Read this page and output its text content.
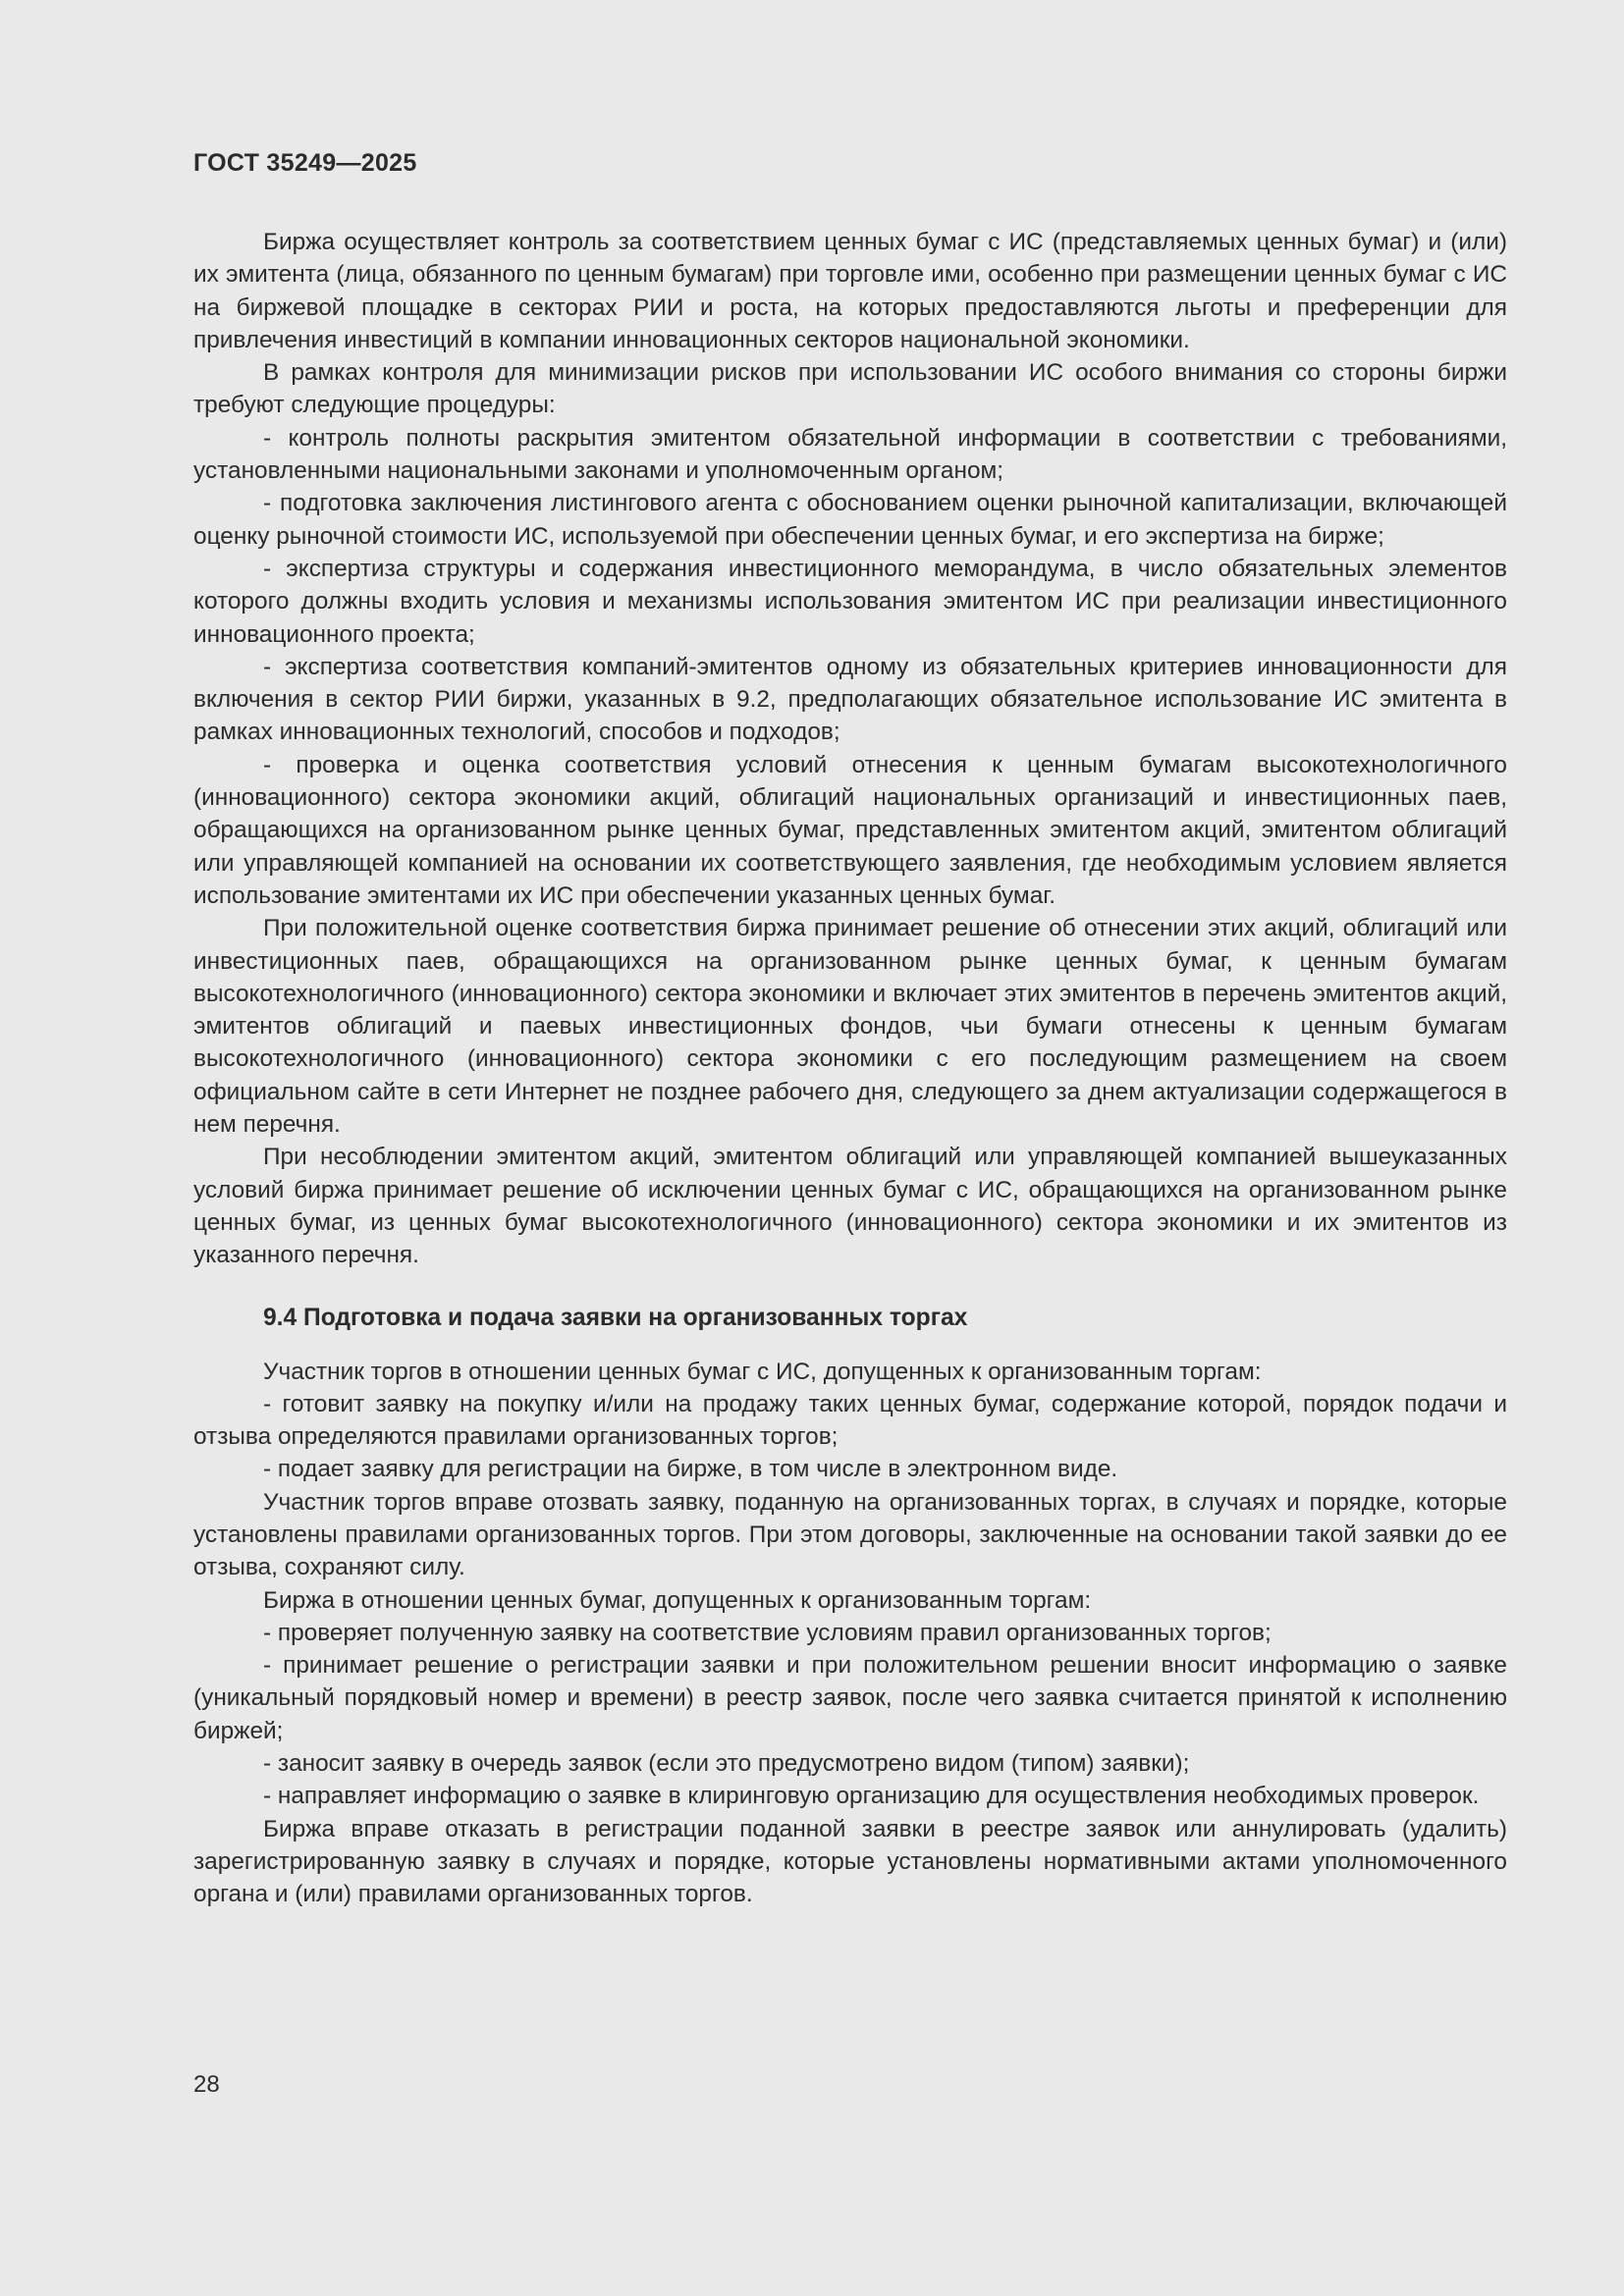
ГОСТ 35249—2025

Биржа осуществляет контроль за соответствием ценных бумаг с ИС (представляемых ценных бумаг) и (или) их эмитента (лица, обязанного по ценным бумагам) при торговле ими, особенно при размещении ценных бумаг с ИС на биржевой площадке в секторах РИИ и роста, на которых предоставляются льготы и преференции для привлечения инвестиций в компании инновационных секторов национальной экономики.

В рамках контроля для минимизации рисков при использовании ИС особого внимания со стороны биржи требуют следующие процедуры:

- контроль полноты раскрытия эмитентом обязательной информации в соответствии с требованиями, установленными национальными законами и уполномоченным органом;

- подготовка заключения листингового агента с обоснованием оценки рыночной капитализации, включающей оценку рыночной стоимости ИС, используемой при обеспечении ценных бумаг, и его экспертиза на бирже;

- экспертиза структуры и содержания инвестиционного меморандума, в число обязательных элементов которого должны входить условия и механизмы использования эмитентом ИС при реализации инвестиционного инновационного проекта;

- экспертиза соответствия компаний-эмитентов одному из обязательных критериев инновационности для включения в сектор РИИ биржи, указанных в 9.2, предполагающих обязательное использование ИС эмитента в рамках инновационных технологий, способов и подходов;

- проверка и оценка соответствия условий отнесения к ценным бумагам высокотехнологичного (инновационного) сектора экономики акций, облигаций национальных организаций и инвестиционных паев, обращающихся на организованном рынке ценных бумаг, представленных эмитентом акций, эмитентом облигаций или управляющей компанией на основании их соответствующего заявления, где необходимым условием является использование эмитентами их ИС при обеспечении указанных ценных бумаг.

При положительной оценке соответствия биржа принимает решение об отнесении этих акций, облигаций или инвестиционных паев, обращающихся на организованном рынке ценных бумаг, к ценным бумагам высокотехнологичного (инновационного) сектора экономики и включает этих эмитентов в перечень эмитентов акций, эмитентов облигаций и паевых инвестиционных фондов, чьи бумаги отнесены к ценным бумагам высокотехнологичного (инновационного) сектора экономики с его последующим размещением на своем официальном сайте в сети Интернет не позднее рабочего дня, следующего за днем актуализации содержащегося в нем перечня.

При несоблюдении эмитентом акций, эмитентом облигаций или управляющей компанией вышеуказанных условий биржа принимает решение об исключении ценных бумаг с ИС, обращающихся на организованном рынке ценных бумаг, из ценных бумаг высокотехнологичного (инновационного) сектора экономики и их эмитентов из указанного перечня.

9.4 Подготовка и подача заявки на организованных торгах

Участник торгов в отношении ценных бумаг с ИС, допущенных к организованным торгам:

- готовит заявку на покупку и/или на продажу таких ценных бумаг, содержание которой, порядок подачи и отзыва определяются правилами организованных торгов;

- подает заявку для регистрации на бирже, в том числе в электронном виде.

Участник торгов вправе отозвать заявку, поданную на организованных торгах, в случаях и порядке, которые установлены правилами организованных торгов. При этом договоры, заключенные на основании такой заявки до ее отзыва, сохраняют силу.

Биржа в отношении ценных бумаг, допущенных к организованным торгам:

- проверяет полученную заявку на соответствие условиям правил организованных торгов;

- принимает решение о регистрации заявки и при положительном решении вносит информацию о заявке (уникальный порядковый номер и времени) в реестр заявок, после чего заявка считается принятой к исполнению биржей;

- заносит заявку в очередь заявок (если это предусмотрено видом (типом) заявки);

- направляет информацию о заявке в клиринговую организацию для осуществления необходимых проверок.

Биржа вправе отказать в регистрации поданной заявки в реестре заявок или аннулировать (удалить) зарегистрированную заявку в случаях и порядке, которые установлены нормативными актами уполномоченного органа и (или) правилами организованных торгов.

28
